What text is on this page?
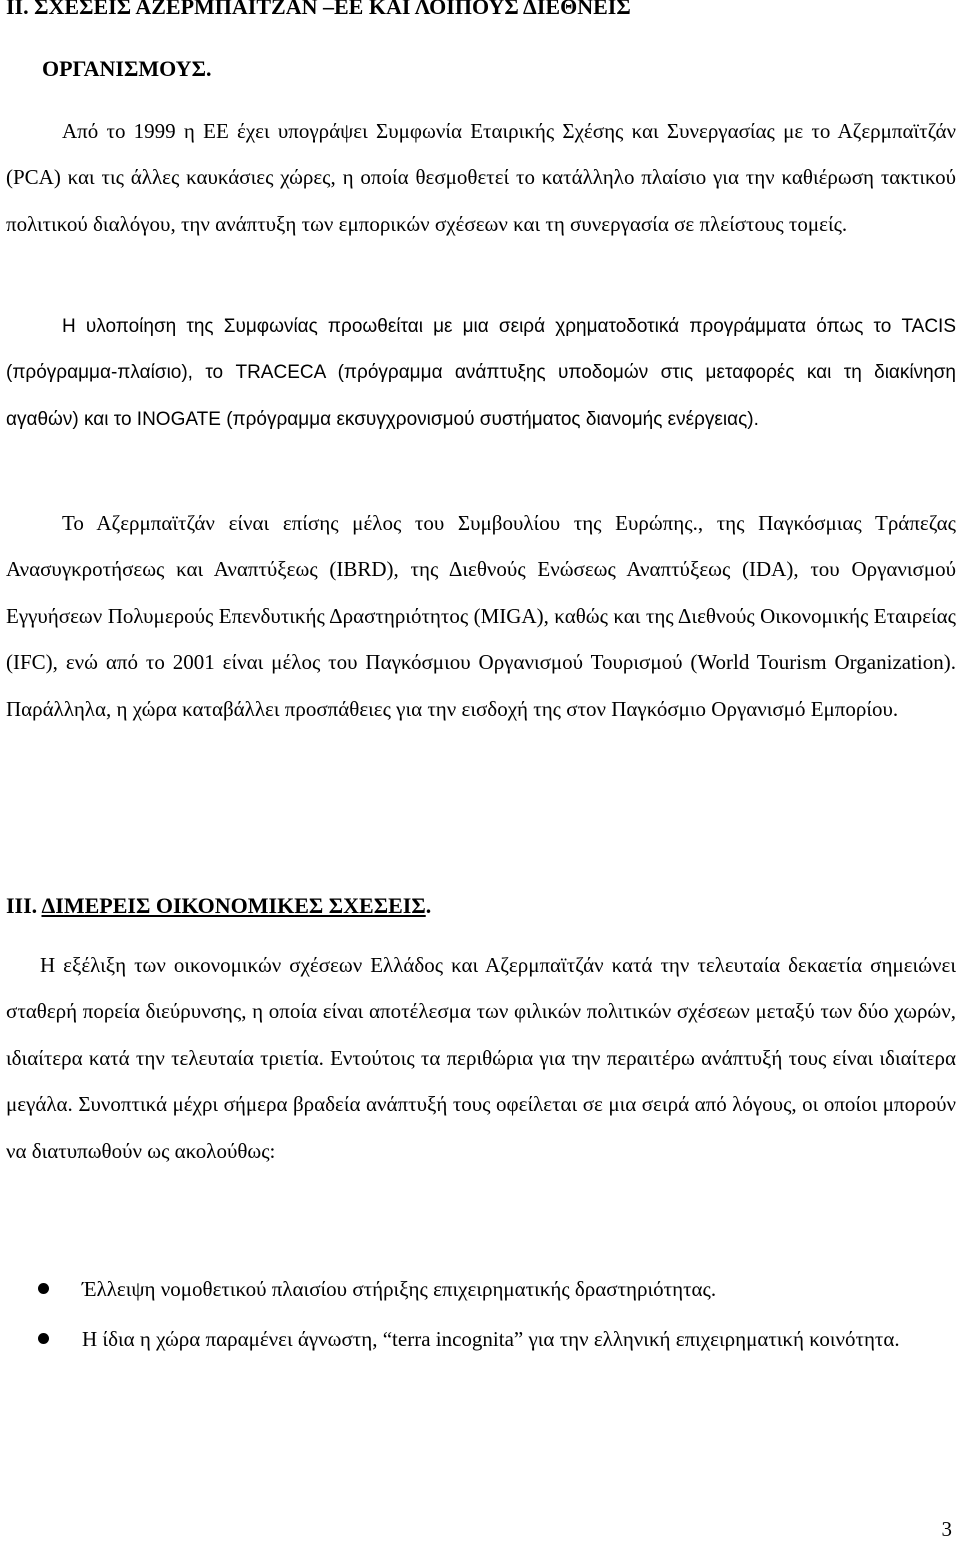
ΙΙ. ΣΧΕΣΕΙΣ ΑΖΕΡΜΠΑΙΤΖΑΝ –ΕΕ ΚΑΙ ΛΟΙΠΟΥΣ ΔΙΕΘΝΕΙΣ
ΟΡΓΑΝΙΣΜΟΥΣ.

Από το 1999 η ΕΕ έχει υπογράψει Συμφωνία Εταιρικής Σχέσης και Συνεργασίας με το Αζερμπαϊτζάν (PCA) και τις άλλες καυκάσιες χώρες, η οποία θεσμοθετεί το κατάλληλο πλαίσιο για την καθιέρωση τακτικού πολιτικού διαλόγου, την ανάπτυξη των εμπορικών σχέσεων και τη συνεργασία σε πλείστους τομείς.

Η υλοποίηση της Συμφωνίας προωθείται με μια σειρά χρηματοδοτικά προγράμματα όπως το TACIS (πρόγραμμα-πλαίσιο), το TRACECA (πρόγραμμα ανάπτυξης υποδομών στις μεταφορές και τη διακίνηση αγαθών) και το INOGATE (πρόγραμμα εκσυγχρονισμού συστήματος διανομής ενέργειας).

Το Αζερμπαϊτζάν είναι επίσης μέλος του Συμβουλίου της Ευρώπης., της Παγκόσμιας Τράπεζας Ανασυγκροτήσεως και Αναπτύξεως (IBRD), της Διεθνούς Ενώσεως Αναπτύξεως (IDA), του Οργανισμού Εγγυήσεων Πολυμερούς Επενδυτικής Δραστηριότητος (MIGA), καθώς και της Διεθνούς Οικονομικής Εταιρείας (IFC), ενώ από το 2001 είναι μέλος του Παγκόσμιου Οργανισμού Τουρισμού (World Tourism Organization). Παράλληλα, η χώρα καταβάλλει προσπάθειες για την εισδοχή της στον Παγκόσμιο Οργανισμό Εμπορίου.

ΙΙΙ. ΔΙΜΕΡΕΙΣ ΟΙΚΟΝΟΜΙΚΕΣ ΣΧΕΣΕΙΣ.

Η εξέλιξη των οικονομικών σχέσεων Ελλάδος και Αζερμπαϊτζάν κατά την τελευταία δεκαετία σημειώνει σταθερή πορεία διεύρυνσης, η οποία είναι αποτέλεσμα των φιλικών πολιτικών σχέσεων μεταξύ των δύο χωρών, ιδιαίτερα κατά την τελευταία τριετία. Εντούτοις τα περιθώρια για την περαιτέρω ανάπτυξή τους είναι ιδιαίτερα μεγάλα. Συνοπτικά μέχρι σήμερα βραδεία ανάπτυξή τους οφείλεται σε μια σειρά από λόγους, οι οποίοι μπορούν να διατυπωθούν ως ακολούθως:

Έλλειψη νομοθετικού πλαισίου στήριξης επιχειρηματικής δραστηριότητας.
Η ίδια η χώρα παραμένει άγνωστη, “terra incognita” για την ελληνική επιχειρηματική κοινότητα.
3
